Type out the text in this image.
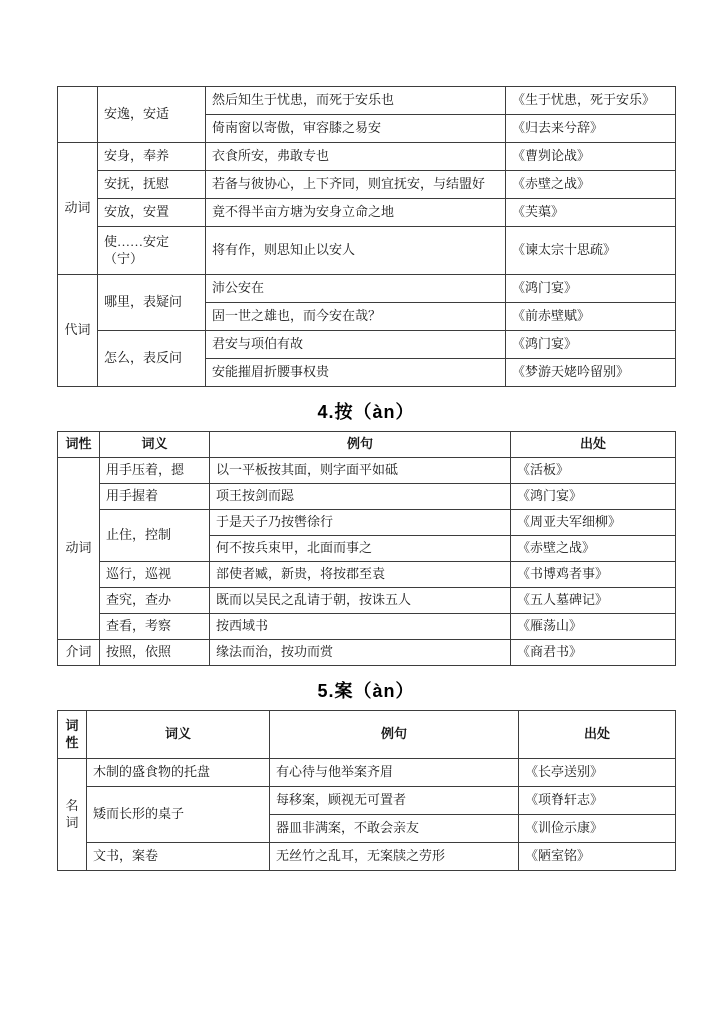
	安逸，安适	然后知生于忧患，而死于安乐也	《生于忧患，死于安乐》
		倚南窗以寄傲，审容膝之易安	《归去来兮辞》
动词	安身，奉养	衣食所安，弗敢专也	《曹刿论战》
	安抚，抚慰	若备与彼协心，上下齐同，则宜抚安，与结盟好	《赤壁之战》
	安放，安置	竟不得半亩方塘为安身立命之地	《芙蕖》
	使……安定（宁）	将有作，则思知止以安人	《谏太宗十思疏》
代词	哪里，表疑问	沛公安在	《鸿门宴》
		固一世之雄也，而今安在哉？	《前赤壁赋》
	怎么，表反问	君安与项伯有故	《鸿门宴》
		安能摧眉折腰事权贵	《梦游天姥吟留别》
4.按（àn）
词性	词义	例句	出处
动词	用手压着，摁	以一平板按其面，则字面平如砥	《活板》
	用手握着	项王按剑而跽	《鸿门宴》
	止住，控制	于是天子乃按辔徐行	《周亚夫军细柳》
		何不按兵束甲，北面而事之	《赤壁之战》
	巡行，巡视	部使者臧，新贵，将按郡至袁	《书博鸡者事》
	查究，查办	既而以吴民之乱请于朝，按诛五人	《五人墓碑记》
	查看，考察	按西域书	《雁荡山》
介词	按照，依照	缘法而治，按功而赏	《商君书》
5.案（àn）
词性	词义	例句	出处
名词	木制的盛食物的托盘	有心待与他举案齐眉	《长亭送别》
	矮而长形的桌子	每移案，顾视无可置者	《项脊轩志》
		器皿非满案，不敢会亲友	《训俭示康》
	文书，案卷	无丝竹之乱耳，无案牍之劳形	《陋室铭》
